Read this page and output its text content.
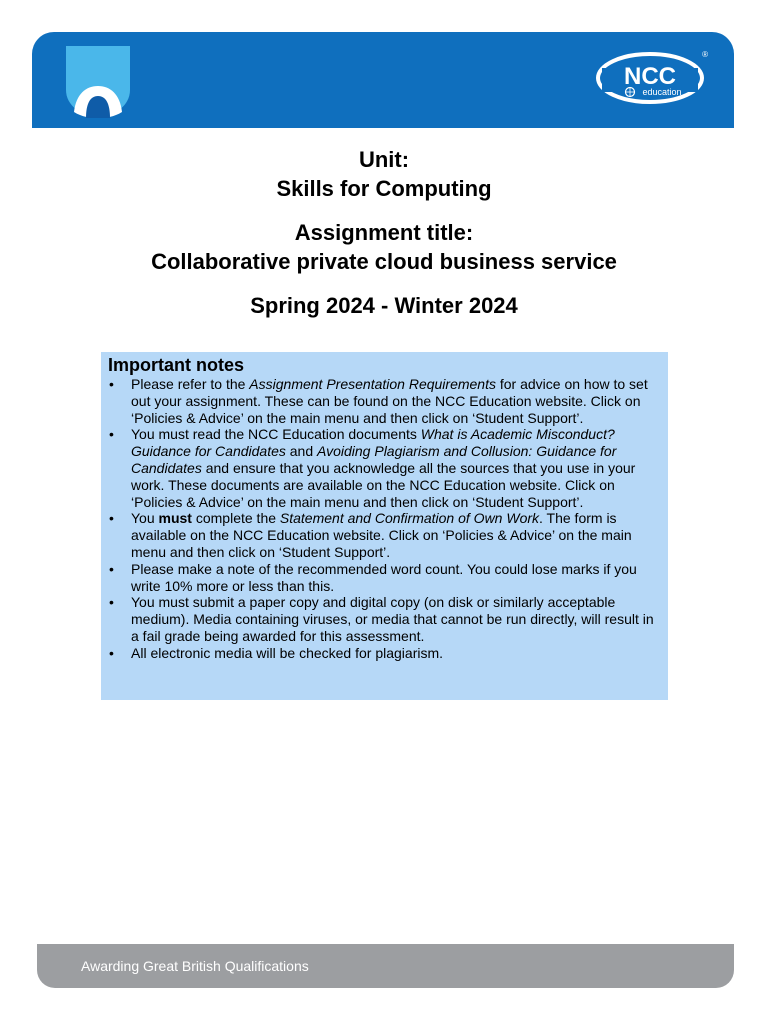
NCC
education
®

Unit:

Skills for Computing

Assignment title:

Collaborative private cloud business service

Spring 2024 - Winter 2024

Important notes
• Please refer to the Assignment Presentation Requirements for advice on how to set out your assignment. These can be found on the NCC Education website. Click on ‘Policies & Advice’ on the main menu and then click on ‘Student Support’.
• You must read the NCC Education documents What is Academic Misconduct? Guidance for Candidates and Avoiding Plagiarism and Collusion: Guidance for Candidates and ensure that you acknowledge all the sources that you use in your work. These documents are available on the NCC Education website. Click on ‘Policies & Advice’ on the main menu and then click on ‘Student Support’.
• You must complete the Statement and Confirmation of Own Work. The form is available on the NCC Education website. Click on ‘Policies & Advice’ on the main menu and then click on ‘Student Support’.
• Please make a note of the recommended word count. You could lose marks if you write 10% more or less than this.
• You must submit a paper copy and digital copy (on disk or similarly acceptable medium). Media containing viruses, or media that cannot be run directly, will result in a fail grade being awarded for this assessment.
• All electronic media will be checked for plagiarism.
Awarding Great British Qualifications
